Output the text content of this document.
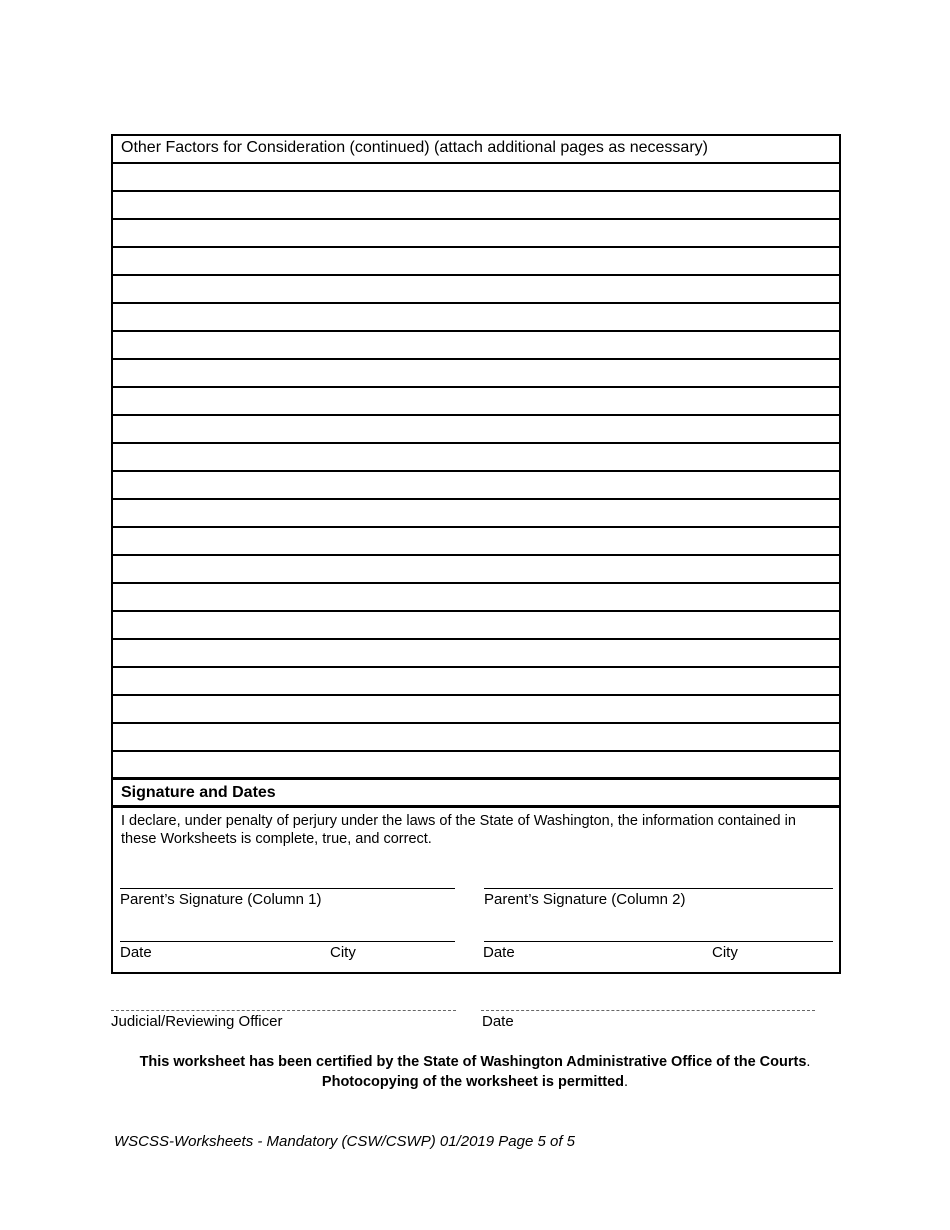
Other Factors for Consideration (continued) (attach additional pages as necessary)
Signature and Dates
I declare, under penalty of perjury under the laws of the State of Washington, the information contained in these Worksheets is complete, true, and correct.
Parent’s Signature (Column 1)	Parent’s Signature (Column 2)
Date	City	Date	City
Judicial/Reviewing Officer	Date
This worksheet has been certified by the State of Washington Administrative Office of the Courts.
Photocopying of the worksheet is permitted.
WSCSS-Worksheets - Mandatory (CSW/CSWP) 01/2019 Page 5 of 5
